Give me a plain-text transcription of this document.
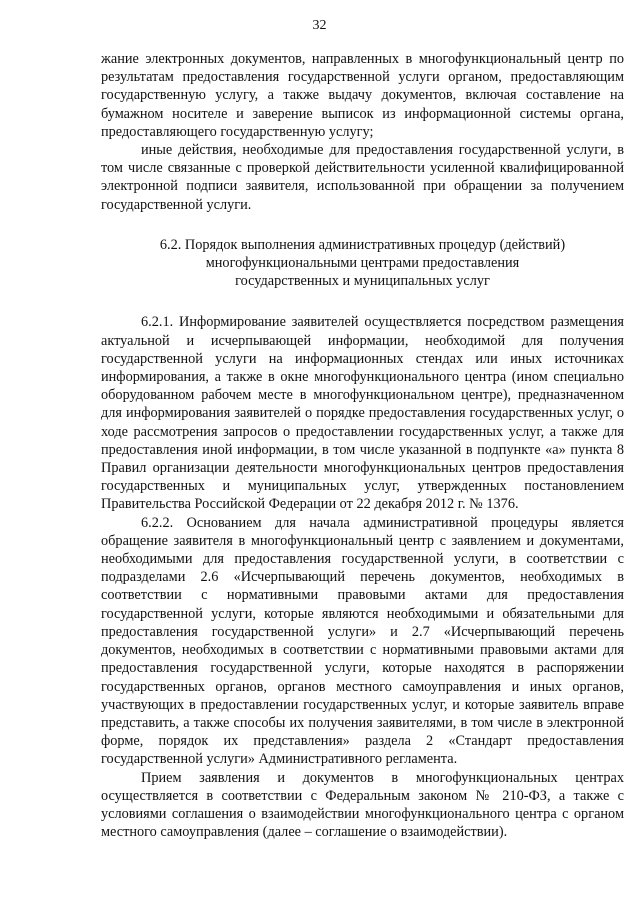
32

жание электронных документов, направленных в многофункциональный центр по результатам предоставления государственной услуги органом, предоставляющим государственную услугу, а также выдачу документов, включая составление на бумажном носителе и заверение выписок из информационной системы органа, предоставляющего государственную услугу;

иные действия, необходимые для предоставления государственной услуги, в том числе связанные с проверкой действительности усиленной квалифицированной электронной подписи заявителя, использованной при обращении за получением государственной услуги.

6.2. Порядок выполнения административных процедур (действий)
многофункциональными центрами предоставления
государственных и муниципальных услуг

6.2.1. Информирование заявителей осуществляется посредством размещения актуальной и исчерпывающей информации, необходимой для получения государственной услуги на информационных стендах или иных источниках информирования, а также в окне многофункционального центра (ином специально оборудованном рабочем месте в многофункциональном центре), предназначенном для информирования заявителей о порядке предоставления государственных услуг, о ходе рассмотрения запросов о предоставлении государственных услуг, а также для предоставления иной информации, в том числе указанной в подпункте «а» пункта 8 Правил организации деятельности многофункциональных центров предоставления государственных и муниципальных услуг, утвержденных постановлением Правительства Российской Федерации от 22 декабря 2012 г. № 1376.

6.2.2. Основанием для начала административной процедуры является обращение заявителя в многофункциональный центр с заявлением и документами, необходимыми для предоставления государственной услуги, в соответствии с подразделами 2.6 «Исчерпывающий перечень документов, необходимых в соответствии с нормативными правовыми актами для предоставления государственной услуги, которые являются необходимыми и обязательными для предоставления государственной услуги» и 2.7 «Исчерпывающий перечень документов, необходимых в соответствии с нормативными правовыми актами для предоставления государственной услуги, которые находятся в распоряжении государственных органов, органов местного самоуправления и иных органов, участвующих в предоставлении государственных услуг, и которые заявитель вправе представить, а также способы их получения заявителями, в том числе в электронной форме, порядок их представления» раздела 2 «Стандарт предоставления государственной услуги» Административного регламента.

Прием заявления и документов в многофункциональных центрах осуществляется в соответствии с Федеральным законом № 210-ФЗ, а также с условиями соглашения о взаимодействии многофункционального центра с органом местного самоуправления (далее – соглашение о взаимодействии).
